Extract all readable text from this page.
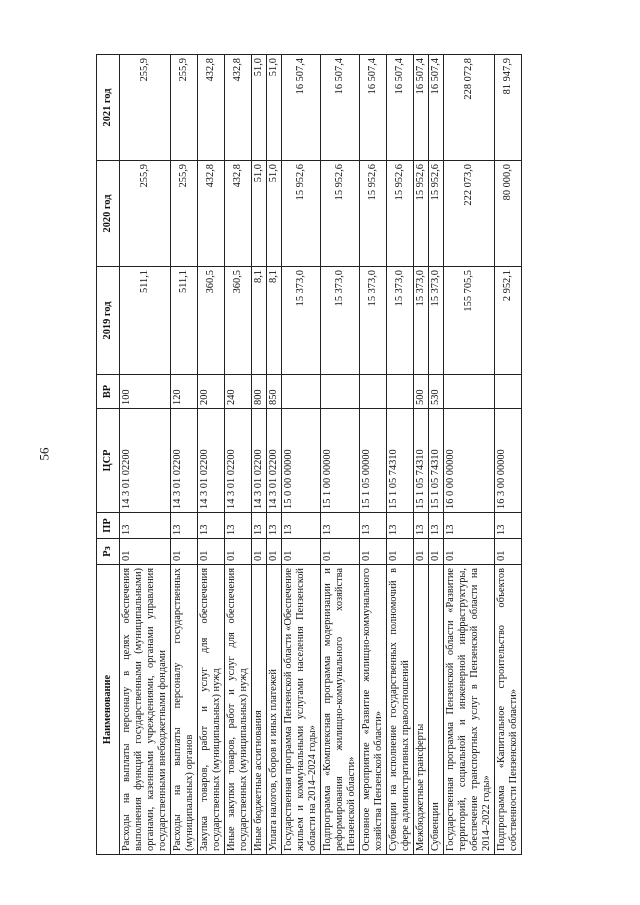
56
Наименование	Рз	ПР	ЦСР	ВР	2019 год	2020 год	2021 год
Расходы на выплаты персоналу в целях обеспечения выполнения функций государственными (муниципальными) органами, казенными учреждениями, органами управления государственными внебюджетными фондами	01	13	14 3 01 02200	100	511,1	255,9	255,9
Расходы на выплаты персоналу государственных (муниципальных) органов	01	13	14 3 01 02200	120	511,1	255,9	255,9
Закупка товаров, работ и услуг для обеспечения государственных (муниципальных) нужд	01	13	14 3 01 02200	200	360,5	432,8	432,8
Иные закупки товаров, работ и услуг для обеспечения государственных (муниципальных) нужд	01	13	14 3 01 02200	240	360,5	432,8	432,8
Иные бюджетные ассигнования	01	13	14 3 01 02200	800	8,1	51,0	51,0
Уплата налогов, сборов и иных платежей	01	13	14 3 01 02200	850	8,1	51,0	51,0
Государственная программа Пензенской области «Обеспечение жильем и коммунальными услугами населения Пензенской области на 2014–2024 годы»	01	13	15 0 00 00000		15 373,0	15 952,6	16 507,4
Подпрограмма «Комплексная программа модернизации и реформирования жилищно-коммунального хозяйства Пензенской области»	01	13	15 1 00 00000		15 373,0	15 952,6	16 507,4
Основное мероприятие «Развитие жилищно-коммунального хозяйства Пензенской области»	01	13	15 1 05 00000		15 373,0	15 952,6	16 507,4
Субвенции на исполнение государственных полномочий в сфере административных правоотношений	01	13	15 1 05 74310		15 373,0	15 952,6	16 507,4
Межбюджетные трансферты	01	13	15 1 05 74310	500	15 373,0	15 952,6	16 507,4
Субвенции	01	13	15 1 05 74310	530	15 373,0	15 952,6	16 507,4
Государственная программа Пензенской области «Развитие территорий, социальной и инженерной инфраструктуры, обеспечение транспортных услуг в Пензенской области на 2014–2022 годы»	01	13	16 0 00 00000		155 705,5	222 073,0	228 072,8
Подпрограмма «Капитальное строительство объектов собственности Пензенской области»	01	13	16 3 00 00000		2 952,1	80 000,0	81 947,9
